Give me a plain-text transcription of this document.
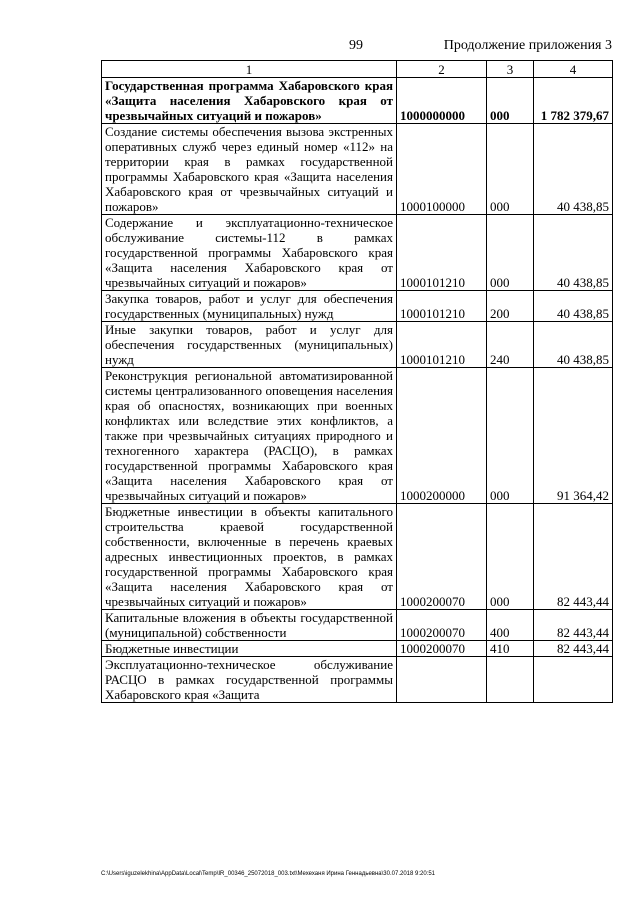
99	Продолжение приложения 3
1	2	3	4
Государственная программа Хабаровского края «Защита населения Хабаровского края от чрезвычайных ситуаций и пожаров»	1000000000	000	1 782 379,67
Создание системы обеспечения вызова экстренных оперативных служб через единый номер «112» на территории края в рамках государственной программы Хабаровского края «Защита населения Хабаровского края от чрезвычайных ситуаций и пожаров»	1000100000	000	40 438,85
Содержание и эксплуатационно-техническое обслуживание системы-112 в рамках государственной программы Хабаровского края «Защита населения Хабаровского края от чрезвычайных ситуаций и пожаров»	1000101210	000	40 438,85
Закупка товаров, работ и услуг для обеспечения государственных (муниципальных) нужд	1000101210	200	40 438,85
Иные закупки товаров, работ и услуг для обеспечения государственных (муниципальных) нужд	1000101210	240	40 438,85
Реконструкция региональной автоматизированной системы централизованного оповещения населения края об опасностях, возникающих при военных конфликтах или вследствие этих конфликтов, а также при чрезвычайных ситуациях природного и техногенного характера (РАСЦО), в рамках государственной программы Хабаровского края «Защита населения Хабаровского края от чрезвычайных ситуаций и пожаров»	1000200000	000	91 364,42
Бюджетные инвестиции в объекты капитального строительства краевой государственной собственности, включенные в перечень краевых адресных инвестиционных проектов, в рамках государственной программы Хабаровского края «Защита населения Хабаровского края от чрезвычайных ситуаций и пожаров»	1000200070	000	82 443,44
Капитальные вложения в объекты государственной (муниципальной) собственности	1000200070	400	82 443,44
Бюджетные инвестиции	1000200070	410	82 443,44
Эксплуатационно-техническое обслуживание РАСЦО в рамках государственной программы Хабаровского края «Защита			
C:\Users\iguzelekhina\AppData\Local\Temp\IR_00346_25072018_003.txt\Мехеханя Ирина Геннадьевна\30.07.2018 9:20:51
